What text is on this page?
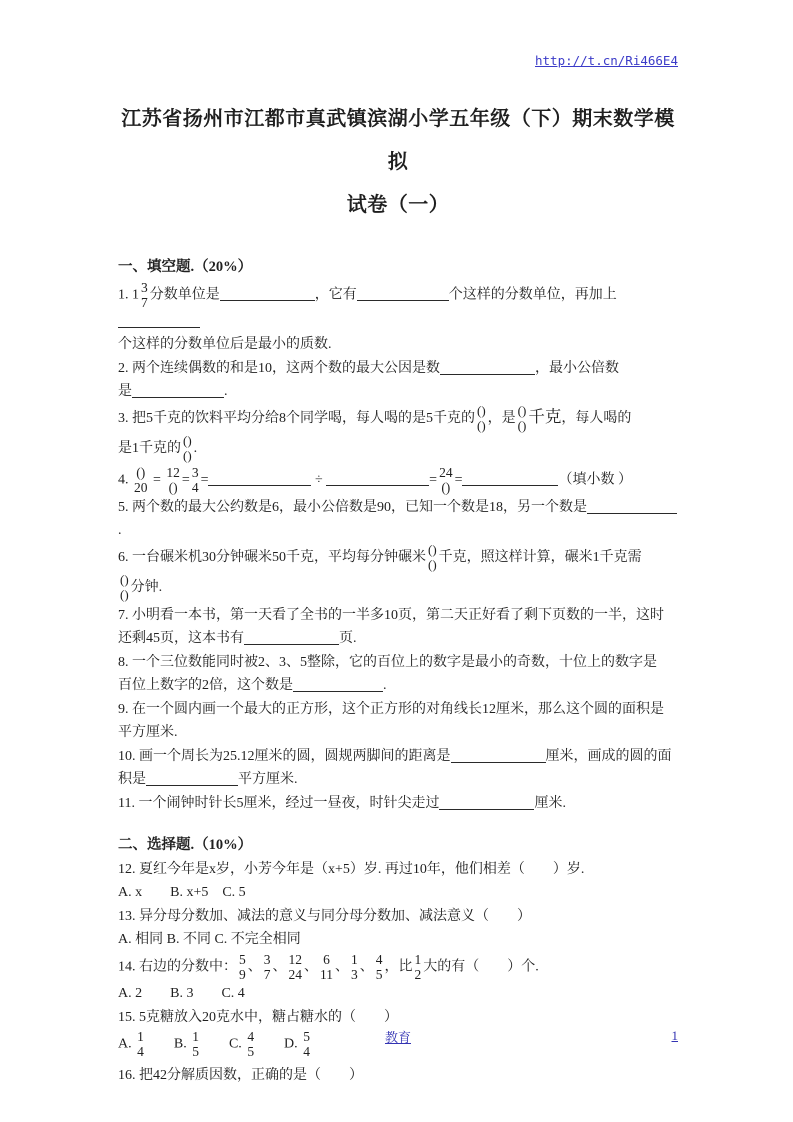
http://t.cn/Ri466E4
江苏省扬州市江都市真武镇滨湖小学五年级（下）期末数学模拟
试卷（一）
一、填空题.（20%）

1. 1 3
7
分数单位是	，它有	个这样的分数单位，再加上
个这样的分数单位后是最小的质数.

2. 两个连续偶数的和是10，这两个数的最大公因是数	，最小公倍数
是	.

3. 把5千克的饮料平均分给8个同学喝，每人喝的是5千克的
()
() ，是
()
() 千克，每人喝的
是1千克的
()
() .

4. ()
20
= 12
()
= 3
4
=	÷	= 24
()
=	（填小数 ）

5. 两个数的最大公约数是6，最小公倍数是90，已知一个数是18，另一个数是.

6. 一台碾米机30分钟碾米50千克，平均每分钟碾米
()
() 千克，照这样计算，碾米1千克需

()
() 分钟.

7. 小明看一本书，第一天看了全书的一半多10页，第二天正好看了剩下页数的一半，这时
还剩45页，这本书有	页.

8. 一个三位数能同时被2、3、5整除，它的百位上的数字是最小的奇数，十位上的数字是
百位上数字的2倍，这个数是	.

9. 在一个圆内画一个最大的正方形，这个正方形的对角线长12厘米，那么这个圆的面积是
平方厘米.

10. 画一个周长为25.12厘米的圆，圆规两脚间的距离是	厘米，画成的圆的面
积是	平方厘米.

11. 一个闹钟时针长5厘米，经过一昼夜，时针尖走过	厘米.

二、选择题.（10%）

12. 夏红今年是x岁，小芳今年是（x+5）岁. 再过10年，他们相差（　　）岁.
A. x　　B. x+5　C. 5

13. 异分母分数加、减法的意义与同分母分数加、减法意义（　　）
A. 相同 B. 不同 C. 不完全相同

14. 右边的分数中： 5
9
、 3
7
、 12
24
、 6
11
、 1
3
、 4
5
，比 1
2
大的有（　　）个.
A. 2　　B. 3　　C. 4

15. 5克糖放入20克水中，糖占糖水的（　　）
A. 1
4
　　B. 1
5
　　C. 4
5
　　D. 5
4

16. 把42分解质因数，正确的是（　　）

教育	1
